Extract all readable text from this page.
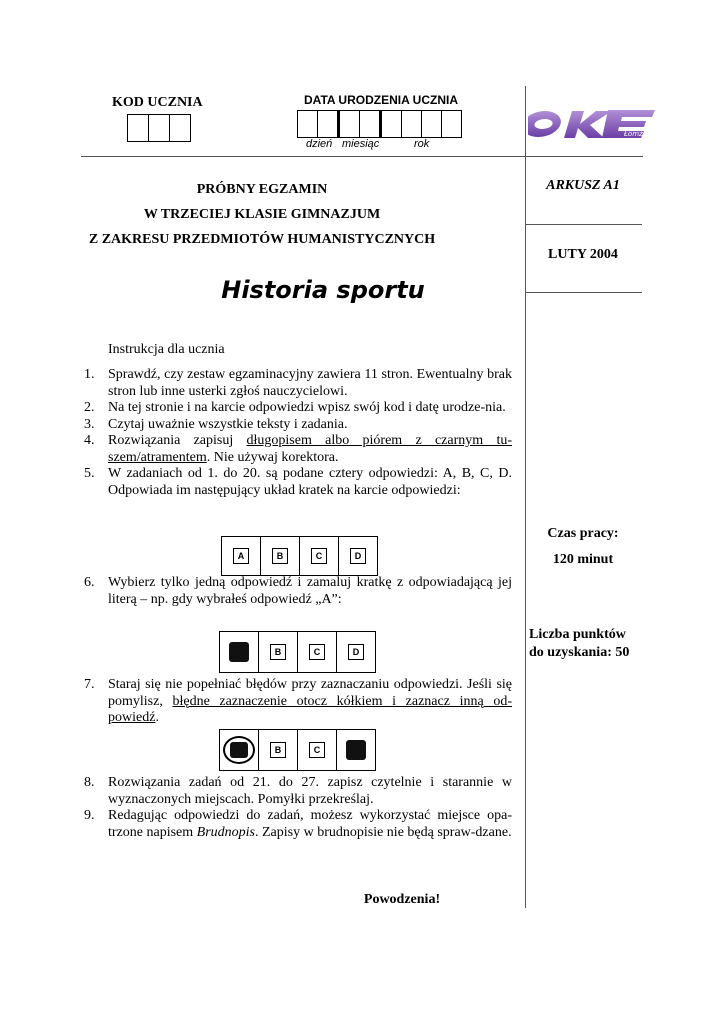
KOD UCZNIA	DATA URODZENIA UCZNIA
dzień miesiąc	rok
Łomża
PRÓBNY EGZAMIN
W TRZECIEJ KLASIE GIMNAZJUM
Z ZAKRESU PRZEDMIOTÓW HUMANISTYCZNYCH
Historia sportu
ARKUSZ A1
LUTY 2004
Czas pracy:
120 minut
Liczba punktów
do uzyskania: 50
Instrukcja dla ucznia
1. Sprawdź, czy zestaw egzaminacyjny zawiera 11 stron. Ewentualny brak stron lub inne usterki zgłoś nauczycielowi.
2. Na tej stronie i na karcie odpowiedzi wpisz swój kod i datę urodze-nia.
3. Czytaj uważnie wszystkie teksty i zadania.
4. Rozwiązania zapisuj długopisem albo piórem z czarnym tu-szem/atramentem. Nie używaj korektora.
5. W zadaniach od 1. do 20. są podane cztery odpowiedzi: A, B, C, D. Odpowiada im następujący układ kratek na karcie odpowiedzi:
A	B	C	D
6. Wybierz tylko jedną odpowiedź i zamaluj kratkę z odpowiadającą jej literą – np. gdy wybrałeś odpowiedź „A”:
B	C	D
7. Staraj się nie popełniać błędów przy zaznaczaniu odpowiedzi. Jeśli się pomylisz, błędne zaznaczenie otocz kółkiem i zaznacz inną od-powiedź.
B	C
8. Rozwiązania zadań od 21. do 27. zapisz czytelnie i starannie w wyznaczonych miejscach. Pomyłki przekreślaj.
9. Redagując odpowiedzi do zadań, możesz wykorzystać miejsce opa-trzone napisem Brudnopis. Zapisy w brudnopisie nie będą spraw-dzane.
Powodzenia!
